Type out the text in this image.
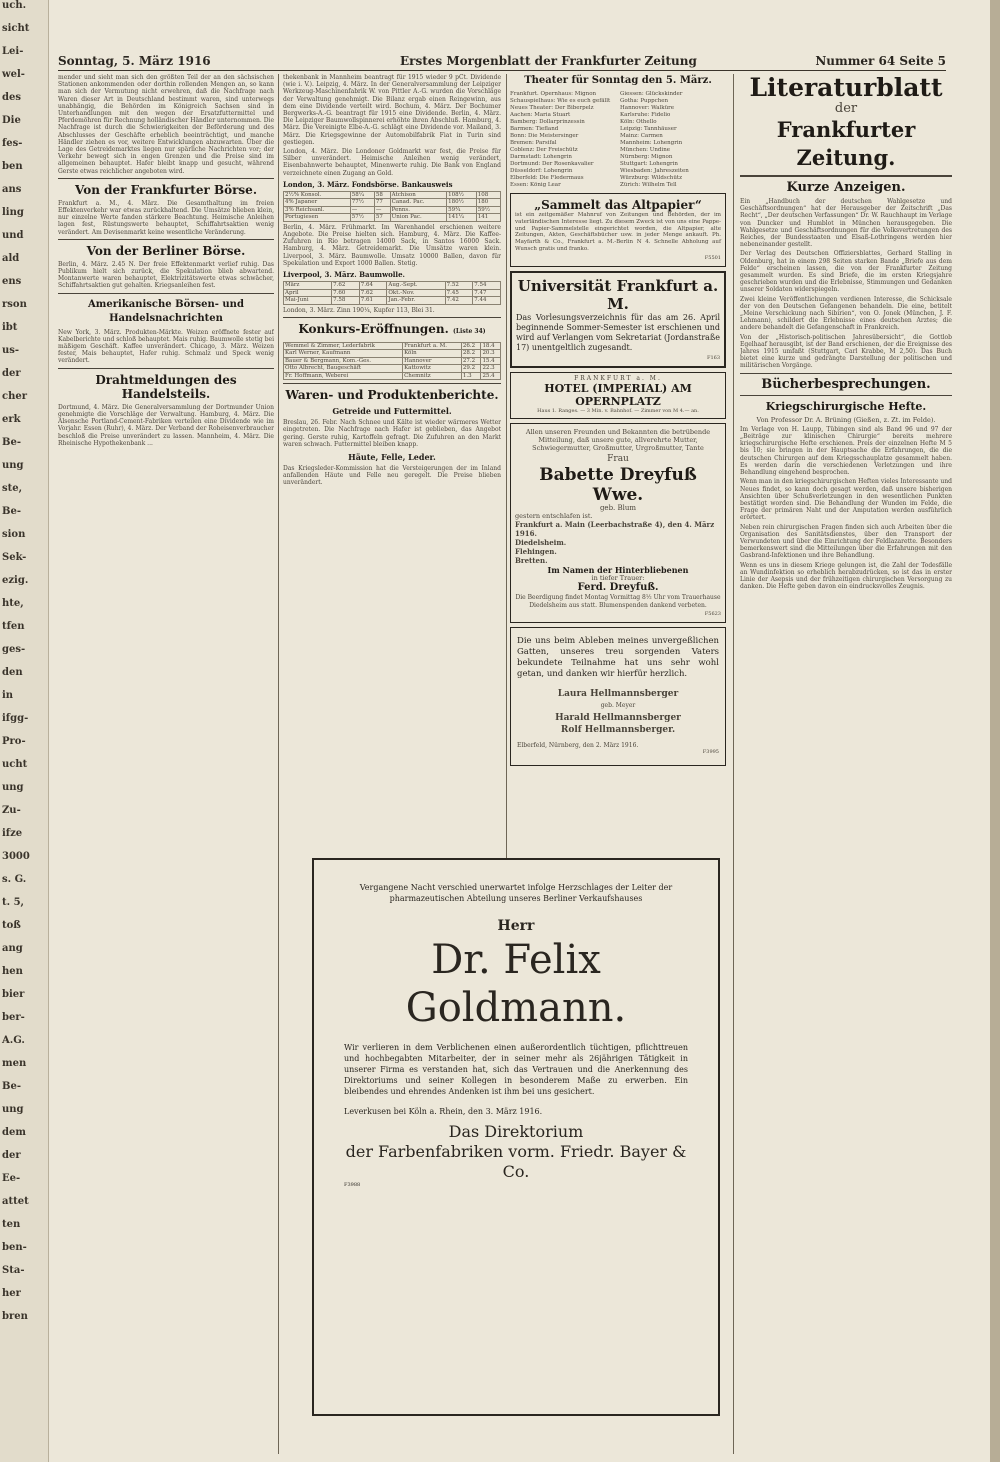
uch.
sicht
Lei-
wel-
des
Die
fes-
ben
ans
ling
und
ald
ens
rson
ibt
us-
der
cher
erk
Be-
ung
ste,
Be-
sion
Sek-
ezig.
hte,
tfen
ges-
den
in
ifgg-
Pro-
ucht
ung
Zu-
ifze
3000
s. G.
t. 5,
toß
ang
hen
bier
ber-
A.G.
men
Be-
ung
dem
der
Ee-
attet
ten
ben-
Sta-
her
bren
Sonntag, 5. März 1916	Erstes Morgenblatt der Frankfurter Zeitung	Nummer 64 Seite 5

mender und sieht man sich den größten Teil der an den sächsischen Stationen ankommenden oder dorthin rollenden Mengen an, so kann man sich der Vermutung nicht erwehren, daß die Nachfrage nach Waren dieser Art in Deutschland bestimmt waren, sind unterwegs unabhängig, die Behörden im Königreich Sachsen sind in Unterhandlungen mit den wegen der Ersatzfuttermittel und Pferdemöhren für Rechnung holländischer Händler unternommen. Die Nachfrage ist durch die Schwierigkeiten der Beförderung und des Abschlusses der Geschäfte erheblich beeinträchtigt, und manche Händler ziehen es vor, weitere Entwicklungen abzuwarten. Über die Lage des Getreidemarktes liegen nur spärliche Nachrichten vor; der Verkehr bewegt sich in engen Grenzen und die Preise sind im allgemeinen behauptet. Hafer bleibt knapp und gesucht, während Gerste etwas reichlicher angeboten wird.

Von der Frankfurter Börse.

Frankfurt a. M., 4. März. Die Gesamthaltung im freien Effektenverkehr war etwas zurückhaltend. Die Umsätze blieben klein, nur einzelne Werte fanden stärkere Beachtung. Heimische Anleihen lagen fest, Rüstungswerte behauptet, Schiffahrtsaktien wenig verändert. Am Devisenmarkt keine wesentliche Veränderung.

Von der Berliner Börse.

Berlin, 4. März. 2.45 N. Der freie Effektenmarkt verlief ruhig. Das Publikum hielt sich zurück, die Spekulation blieb abwartend. Montanwerte waren behauptet, Elektrizitätswerte etwas schwächer, Schiffahrtsaktien gut gehalten. Kriegsanleihen fest.

Amerikanische Börsen- und Handelsnachrichten

New York, 3. März. Produkten-Märkte. Weizen eröffnete fester auf Kabelberichte und schloß behauptet. Mais ruhig. Baumwolle stetig bei mäßigem Geschäft. Kaffee unverändert. Chicago, 3. März. Weizen fester, Mais behauptet, Hafer ruhig. Schmalz und Speck wenig verändert.

Drahtmeldungen des Handelsteils.

Dortmund, 4. März. Die Generalversammlung der Dortmunder Union genehmigte die Vorschläge der Verwaltung. Hamburg, 4. März. Die Alsensche Portland-Cement-Fabriken verteilen eine Dividende wie im Vorjahr. Essen (Ruhr), 4. März. Der Verband der Roheisenverbraucher beschloß die Preise unverändert zu lassen. Mannheim, 4. März. Die Rheinische Hypothekenbank ...

thekenbank in Mannheim beantragt für 1915 wieder 9 pCt. Dividende (wie i. V.). Leipzig, 4. März. In der Generalversammlung der Leipziger Werkzeug-Maschinenfabrik W. von Pittler A.-G. wurden die Vorschläge der Verwaltung genehmigt. Die Bilanz ergab einen Reingewinn, aus dem eine Dividende verteilt wird. Bochum, 4. März. Der Bochumer Bergwerks-A.-G. beantragt für 1915 eine Dividende. Berlin, 4. März. Die Leipziger Baumwollspinnerei erhöhte ihren Abschluß. Hamburg, 4. März. Die Vereinigte Elbe-A.-G. schlägt eine Dividende vor. Mailand, 3. März. Die Kriegsgewinne der Automobilfabrik Fiat in Turin sind gestiegen.

London, 4. März. Die Londoner Goldmarkt war fest, die Preise für Silber unverändert. Heimische Anleihen wenig verändert, Eisenbahnwerte behauptet, Minenwerte ruhig. Die Bank von England verzeichnete einen Zugang an Gold.

London, 3. März. Fondsbörse. Bankausweis
2½% Konsol.	58¼	58	Atchison	108½	108
4% Japaner	77½	77	Canad. Pac.	180½	180
3% Reichsanl.	—	—	Penns.	59¾	59½
Portugiesen	57½	57	Union Pac.	141¼	141

Berlin, 4. März. Frühmarkt. Im Warenhandel erschienen weitere Angebote. Die Preise hielten sich. Hamburg, 4. März. Die Kaffee-Zufuhren in Rio betragen 14000 Sack, in Santos 16000 Sack. Hamburg, 4. März. Getreidemarkt. Die Umsätze waren klein. Liverpool, 3. März. Baumwolle. Umsatz 10000 Ballen, davon für Spekulation und Export 1000 Ballen. Stetig.

Liverpool, 3. März. Baumwolle.
März	7.62	7.64	Aug.-Sept.	7.52	7.54
April	7.60	7.62	Okt.-Nov.	7.45	7.47
Mai-Juni	7.58	7.61	Jan.-Febr.	7.42	7.44

London, 3. März. Zinn 190¼, Kupfer 113, Blei 31.

Konkurs-Eröffnungen. (Liste 34)
Wemmel & Zimmer, Lederfabrik	Frankfurt a. M.	26.2	18.4
Karl Werner, Kaufmann	Köln	28.2	20.3
Bauer & Bergmann, Kom.-Ges.	Hannover	27.2	15.4
Otto Albrecht, Baugeschäft	Kattowitz	29.2	22.3
Fr. Hoffmann, Weberei	Chemnitz	1.3	25.4
Waren- und Produktenberichte.
Getreide und Futtermittel.

Breslau, 26. Febr. Nach Schnee und Kälte ist wieder wärmeres Wetter eingetreten. Die Nachfrage nach Hafer ist geblieben, das Angebot gering. Gerste ruhig, Kartoffeln gefragt. Die Zufuhren an den Markt waren schwach. Futtermittel bleiben knapp.

Häute, Felle, Leder.

Das Kriegsleder-Kommission hat die Versteigerungen der im Inland anfallenden Häute und Felle neu geregelt. Die Preise blieben unverändert.

Theater für Sonntag den 5. März.
Frankfurt. Opernhaus: Mignon
Schauspielhaus: Wie es euch gefällt
Neues Theater: Der Biberpelz
Aachen: Maria Stuart
Bamberg: Dollarprinzessin
Barmen: Tiefland
Bonn: Die Meistersinger
Bremen: Parsifal
Coblenz: Der Freischütz
Darmstadt: Lohengrin
Dortmund: Der Rosenkavalier
Düsseldorf: Lohengrin
Elberfeld: Die Fledermaus
Essen: König Lear
Giessen: Glückskinder
Gotha: Puppchen
Hannover: Walküre
Karlsruhe: Fidelio
Köln: Othello
Leipzig: Tannhäuser
Mainz: Carmen
Mannheim: Lohengrin
München: Undine
Nürnberg: Mignon
Stuttgart: Lohengrin
Wiesbaden: Jahreszeiten
Würzburg: Wildschütz
Zürich: Wilhelm Tell
„Sammelt das Altpapier“

ist ein zeitgemäßer Mahnruf von Zeitungen und Behörden, der im vaterländischen Interesse liegt. Zu diesem Zweck ist von uns eine Pappe- und Papier-Sammelstelle eingerichtet worden, die Altpapier, alte Zeitungen, Akten, Geschäftsbücher usw. in jeder Menge ankauft. Ph. Mayfarth & Co., Frankfurt a. M.-Berlin N 4. Schnelle Abholung auf Wunsch gratis und franko.

F5501
Universität Frankfurt a. M.

Das Vorlesungsverzeichnis für das am 26. April beginnende Sommer-Semester ist erschienen und wird auf Verlangen vom Sekretariat (Jordanstraße 17) unentgeltlich zugesandt.

F163
FRANKFURT a. M.
HOTEL (IMPERIAL) AM OPERNPLATZ
Haus 1. Ranges. — 3 Min. v. Bahnhof. — Zimmer von M 4.— an.

Allen unseren Freunden und Bekannten die betrübende Mitteilung, daß unsere gute, allverehrte Mutter, Schwiegermutter, Großmutter, Urgroßmutter, Tante

Frau
Babette Dreyfuß Wwe.
geb. Blum
gestern entschlafen ist.
Frankfurt a. Main (Leerbachstraße 4), den 4. März 1916.
Diedelsheim.
Flehingen.
Bretten.
Im Namen der Hinterbliebenen
in tiefer Trauer:
Ferd. Dreyfuß.

Die Beerdigung findet Montag Vormittag 8½ Uhr vom Trauerhause Diedelsheim aus statt. Blumenspenden dankend verbeten.

F5623

Die uns beim Ableben meines unvergeßlichen Gatten, unseres treu sorgenden Vaters bekundete Teilnahme hat uns sehr wohl getan, und danken wir hierfür herzlich.

Laura Hellmannsberger
geb. Meyer
Harald Hellmannsberger
Rolf Hellmannsberger.
Elberfeld, Nürnberg, den 2. März 1916.
F3995

Vergangene Nacht verschied unerwartet infolge Herzschlages der Leiter der pharmazeutischen Abteilung unseres Berliner Verkaufshauses

Herr
Dr. Felix Goldmann.

Wir verlieren in dem Verblichenen einen außerordentlich tüchtigen, pflichttreuen und hochbegabten Mitarbeiter, der in seiner mehr als 26jährigen Tätigkeit in unserer Firma es verstanden hat, sich das Vertrauen und die Anerkennung des Direktoriums und seiner Kollegen in besonderem Maße zu erwerben. Ein bleibendes und ehrendes Andenken ist ihm bei uns gesichert.

Leverkusen bei Köln a. Rhein, den 3. März 1916.
Das Direktorium
der Farbenfabriken vorm. Friedr. Bayer & Co.
F3988
Literaturblatt
der
Frankfurter Zeitung.
Kurze Anzeigen.

Ein „Handbuch der deutschen Wahlgesetze und Geschäftsordnungen“ hat der Herausgeber der Zeitschrift „Das Recht“, „Der deutschen Verfassungen“ Dr. W. Rauchhaupt im Verlage von Duncker und Humblot in München herausgegeben. Die Wahlgesetze und Geschäftsordnungen für die Volksvertretungen des Reiches, der Bundesstaaten und Elsaß-Lothringens werden hier nebeneinander gestellt.

Der Verlag des Deutschen Offiziersblattes, Gerhard Stalling in Oldenburg, hat in einem 298 Seiten starken Bande „Briefe aus dem Felde“ erscheinen lassen, die von der Frankfurter Zeitung gesammelt wurden. Es sind Briefe, die im ersten Kriegsjahre geschrieben wurden und die Erlebnisse, Stimmungen und Gedanken unserer Soldaten widerspiegeln.

Zwei kleine Veröffentlichungen verdienen Interesse, die Schicksale der von den Deutschen Gefangenen behandeln. Die eine, betitelt „Meine Verschickung nach Sibirien“, von O. Jonek (München, J. F. Lehmann), schildert die Erlebnisse eines deutschen Arztes; die andere behandelt die Gefangenschaft in Frankreich.

Von der „Historisch-politischen Jahresübersicht“, die Gottlob Egelhaaf herausgibt, ist der Band erschienen, der die Ereignisse des Jahres 1915 umfaßt (Stuttgart, Carl Krabbe, M 2,50). Das Buch bietet eine kurze und gedrängte Darstellung der politischen und militärischen Vorgänge.

Bücherbesprechungen.
Kriegschirurgische Hefte.
Von Professor Dr. A. Brüning (Gießen, z. Zt. im Felde).

Im Verlage von H. Laupp, Tübingen sind als Band 96 und 97 der „Beiträge zur klinischen Chirurgie“ bereits mehrere kriegschirurgische Hefte erschienen. Preis der einzelnen Hefte M 5 bis 10; sie bringen in der Hauptsache die Erfahrungen, die die deutschen Chirurgen auf dem Kriegsschauplatze gesammelt haben. Es werden darin die verschiedenen Verletzungen und ihre Behandlung eingehend besprochen.

Wenn man in den kriegschirurgischen Heften vieles Interessante und Neues findet, so kann doch gesagt werden, daß unsere bisherigen Ansichten über Schußverletzungen in den wesentlichen Punkten bestätigt worden sind. Die Behandlung der Wunden im Felde, die Frage der primären Naht und der Amputation werden ausführlich erörtert.

Neben rein chirurgischen Fragen finden sich auch Arbeiten über die Organisation des Sanitätsdienstes, über den Transport der Verwundeten und über die Einrichtung der Feldlazarette. Besonders bemerkenswert sind die Mitteilungen über die Erfahrungen mit den Gasbrand-Infektionen und ihre Behandlung.

Wenn es uns in diesem Kriege gelungen ist, die Zahl der Todesfälle an Wundinfektion so erheblich herabzudrücken, so ist das in erster Linie der Asepsis und der frühzeitigen chirurgischen Versorgung zu danken. Die Hefte geben davon ein eindrucksvolles Zeugnis.
